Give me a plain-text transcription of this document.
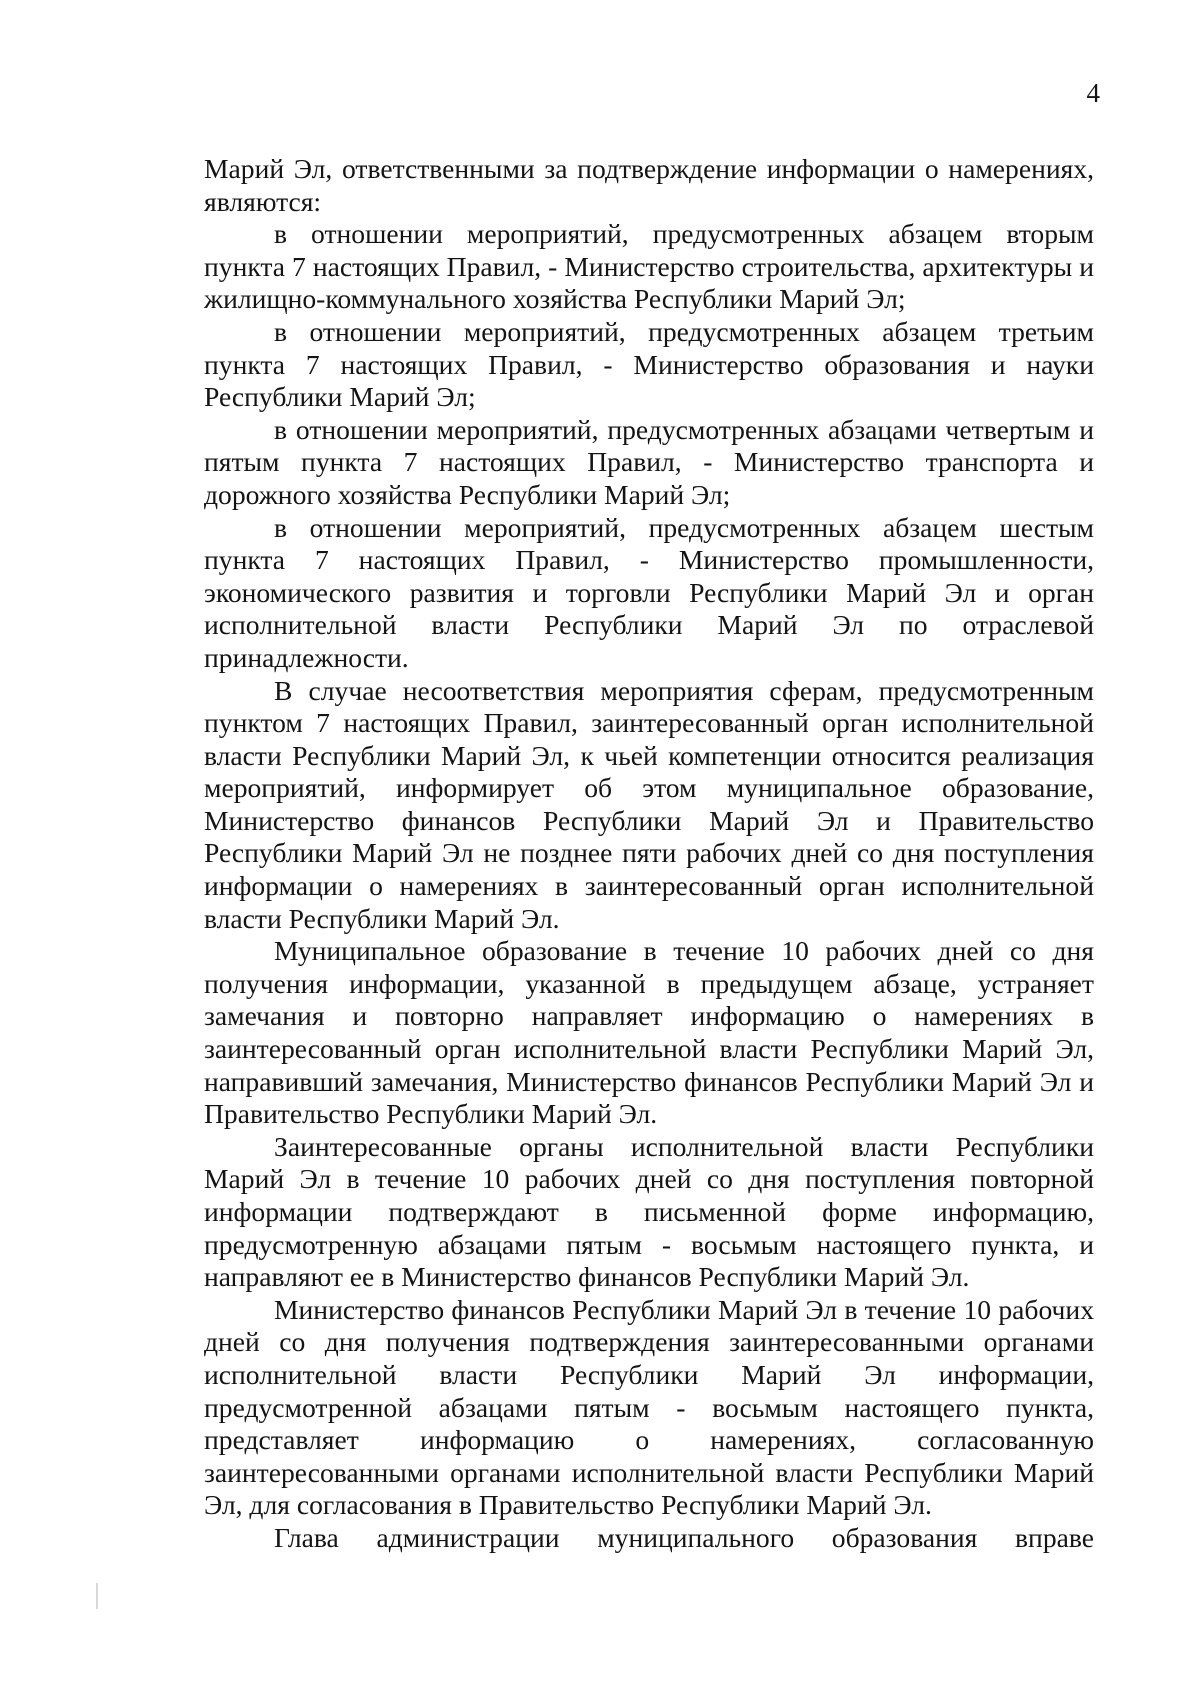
4

Марий Эл, ответственными за подтверждение информации о намерениях, являются:

в отношении мероприятий, предусмотренных абзацем вторым пункта 7 настоящих Правил, - Министерство строительства, архитектуры и жилищно-коммунального хозяйства Республики Марий Эл;

в отношении мероприятий, предусмотренных абзацем третьим пункта 7 настоящих Правил, - Министерство образования и науки Республики Марий Эл;

в отношении мероприятий, предусмотренных абзацами четвертым и пятым пункта 7 настоящих Правил, - Министерство транспорта и дорожного хозяйства Республики Марий Эл;

в отношении мероприятий, предусмотренных абзацем шестым пункта 7 настоящих Правил, - Министерство промышленности, экономического развития и торговли Республики Марий Эл и орган исполнительной власти Республики Марий Эл по отраслевой принадлежности.

В случае несоответствия мероприятия сферам, предусмотренным пунктом 7 настоящих Правил, заинтересованный орган исполнительной власти Республики Марий Эл, к чьей компетенции относится реализация мероприятий, информирует об этом муниципальное образование, Министерство финансов Республики Марий Эл и Правительство Республики Марий Эл не позднее пяти рабочих дней со дня поступления информации о намерениях в заинтересованный орган исполнительной власти Республики Марий Эл.

Муниципальное образование в течение 10 рабочих дней со дня получения информации, указанной в предыдущем абзаце, устраняет замечания и повторно направляет информацию о намерениях в заинтересованный орган исполнительной власти Республики Марий Эл, направивший замечания, Министерство финансов Республики Марий Эл и Правительство Республики Марий Эл.

Заинтересованные органы исполнительной власти Республики Марий Эл в течение 10 рабочих дней со дня поступления повторной информации подтверждают в письменной форме информацию, предусмотренную абзацами пятым - восьмым настоящего пункта, и направляют ее в Министерство финансов Республики Марий Эл.

Министерство финансов Республики Марий Эл в течение 10 рабочих дней со дня получения подтверждения заинтересованными органами исполнительной власти Республики Марий Эл информации, предусмотренной абзацами пятым - восьмым настоящего пункта, представляет информацию о намерениях, согласованную заинтересованными органами исполнительной власти Республики Марий Эл, для согласования в Правительство Республики Марий Эл.

Глава администрации муниципального образования вправе
